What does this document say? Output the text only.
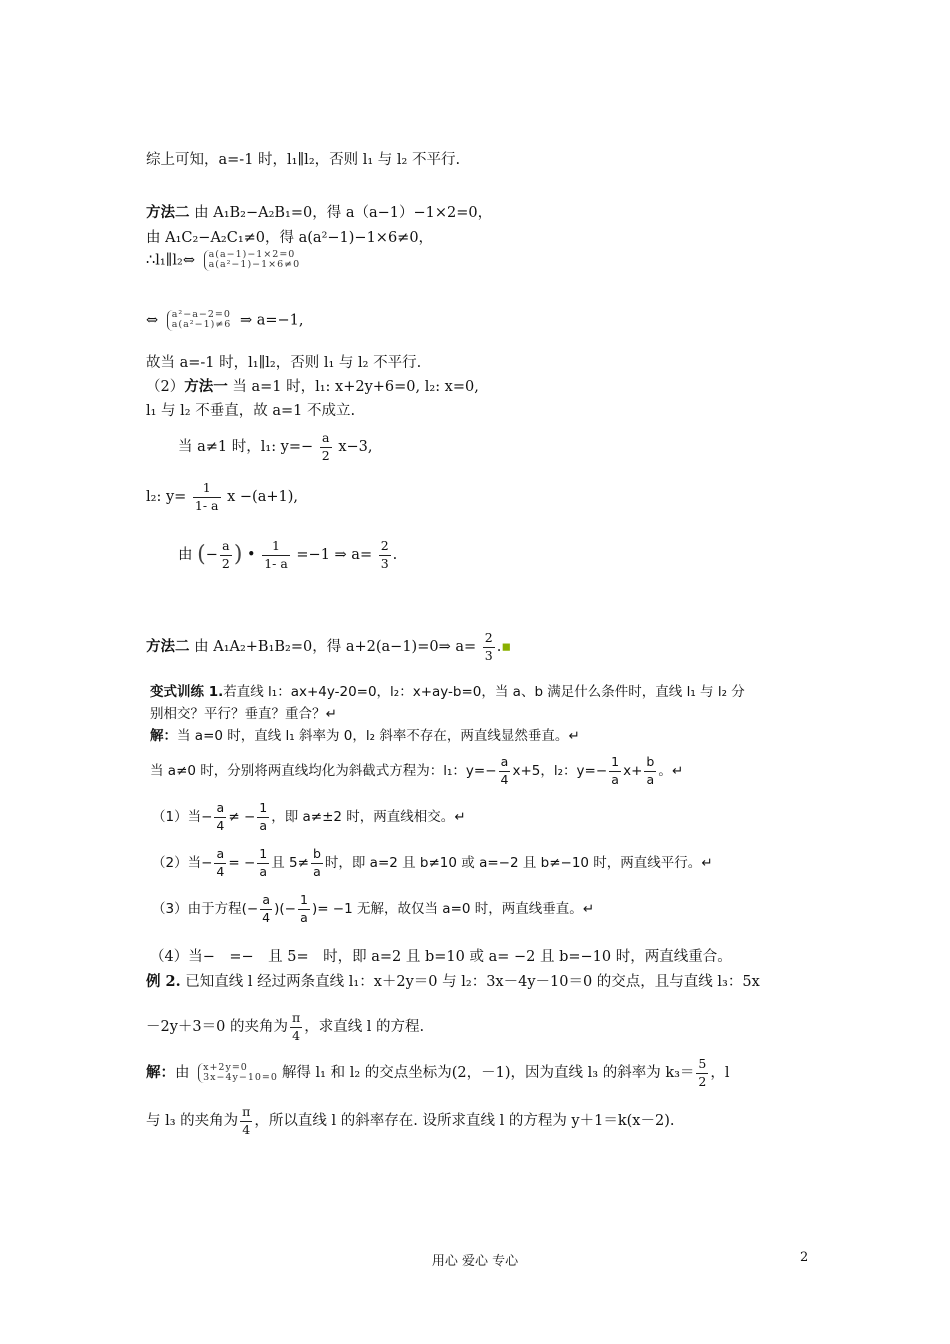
综上可知，a=-1 时，l₁∥l₂，否则 l₁ 与 l₂ 不平行.
方法二 由 A₁B₂−A₂B₁=0，得 a（a−1）−1×2=0，
由 A₁C₂−A₂C₁≠0，得 a(a²−1)−1×6≠0，
∴l₁∥l₂⇔ a(a−1)−1×2=0
a(a²−1)−1×6≠0
⇔ a²−a−2=0
a(a²−1)≠6 ⇒ a=−1,
故当 a=-1 时，l₁∥l₂，否则 l₁ 与 l₂ 不平行.
（2）方法一 当 a=1 时，l₁: x+2y+6=0, l₂: x=0,
l₁ 与 l₂ 不垂直，故 a=1 不成立.
当 a≠1 时，l₁: $y=- \frac{a}{2} x-3$,
l₂: $y= \frac{1}{1- a}$ x −(a+1),
由 (− $\frac{a}{2}$ ) • $\frac{1}{1- a} =-1$ ⇒ $a= \frac{2}{3}$ .
方法二 由 A₁A₂+B₁B₂=0，得 a+2(a−1)=0⇒ $a= \frac{2}{3}$ .▪
变式训练 1.若直线 l₁：ax+4y-20=0，l₂：x+ay-b=0，当 a、b 满足什么条件时，直线 l₁ 与 l₂ 分
别相交？平行？垂直？重合？↵
解：当 a=0 时，直线 l₁ 斜率为 0，l₂ 斜率不存在，两直线显然垂直。↵
当 a≠0 时，分别将两直线均化为斜截式方程为：l₁：$y=- \frac{a}{4} x+5$，l₂：$y=- \frac{1}{a} x+ \frac{b}{a}$ 。↵
（1）当− $\frac{a}{4}$ ≠ − $\frac{1}{a}$ ，即 a≠±2 时，两直线相交。↵
（2）当− $\frac{a}{4}$ = − $\frac{1}{a}$ 且 $5\ne \frac{b}{a}$ 时，即 a=2 且 b≠10 或 a=−2 且 b≠−10 时，两直线平行。↵
（3）由于方程(− $\frac{a}{4}$ )(− $\frac{1}{a}$ )= −1 无解，故仅当 a=0 时，两直线垂直。↵
（4）当−　=−　且 5=　时，即 a=2 且 b=10 或 a= −2 且 b=−10 时，两直线重合。
例 2. 已知直线 l 经过两条直线 l₁：x＋2y＝0 与 l₂：3x－4y－10＝0 的交点，且与直线 l₃：5x
－2y＋3＝0 的夹角为 $\frac{\pi}{4}$ ，求直线 l 的方程.
解：由 x+2y=0
3x−4y−10=0 解得 l₁ 和 l₂ 的交点坐标为(2，－1)，因为直线 l₃ 的斜率为 $k_3= \frac{5}{2}$ ，l
与 l₃ 的夹角为 $\frac{\pi}{4}$ ，所以直线 l 的斜率存在. 设所求直线 l 的方程为 y＋1＝k(x－2).
用心 爱心 专心	2
